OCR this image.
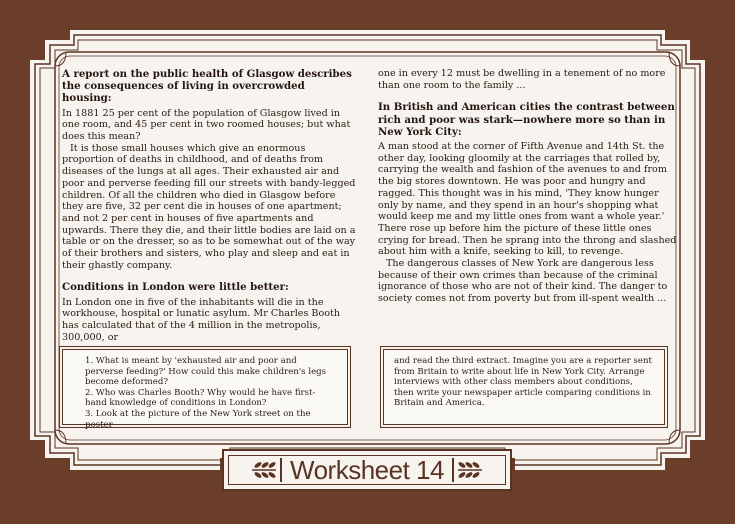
A report on the public health of Glasgow describes the consequences of living in overcrowded housing:

In 1881 25 per cent of the population of Glasgow lived in one room, and 45 per cent in two roomed houses; but what does this mean?

It is those small houses which give an enormous proportion of deaths in childhood, and of deaths from diseases of the lungs at all ages. Their exhausted air and poor and perverse feeding fill our streets with bandy-legged children. Of all the children who died in Glasgow before they are five, 32 per cent die in houses of one apartment; and not 2 per cent in houses of five apartments and upwards. There they die, and their little bodies are laid on a table or on the dresser, so as to be somewhat out of the way of their brothers and sisters, who play and sleep and eat in their ghastly company.

Conditions in London were little better:

In London one in five of the inhabitants will die in the workhouse, hospital or lunatic asylum. Mr Charles Booth has calculated that of the 4 million in the metropolis, 300,000, or

one in every 12 must be dwelling in a tenement of no more than one room to the family ...

In British and American cities the contrast between rich and poor was stark—nowhere more so than in New York City:

A man stood at the corner of Fifth Avenue and 14th St. the other day, looking gloomily at the carriages that rolled by, carrying the wealth and fashion of the avenues to and from the big stores downtown. He was poor and hungry and ragged. This thought was in his mind, 'They know hunger only by name, and they spend in an hour's shopping what would keep me and my little ones from want a whole year.' There rose up before him the picture of these little ones crying for bread. Then he sprang into the throng and slashed about him with a knife, seeking to kill, to revenge.

The dangerous classes of New York are dangerous less because of their own crimes than because of the criminal ignorance of those who are not of their kind. The danger to society comes not from poverty but from ill-spent wealth ...

1. What is meant by 'exhausted air and poor and perverse feeding?' How could this make children's legs become deformed?

2. Who was Charles Booth? Why would he have first-hand knowledge of conditions in London?

3. Look at the picture of the New York street on the poster

and read the third extract. Imagine you are a reporter sent from Britain to write about life in New York City. Arrange interviews with other class members about conditions, then write your newspaper article comparing conditions in Britain and America.

Worksheet 14
